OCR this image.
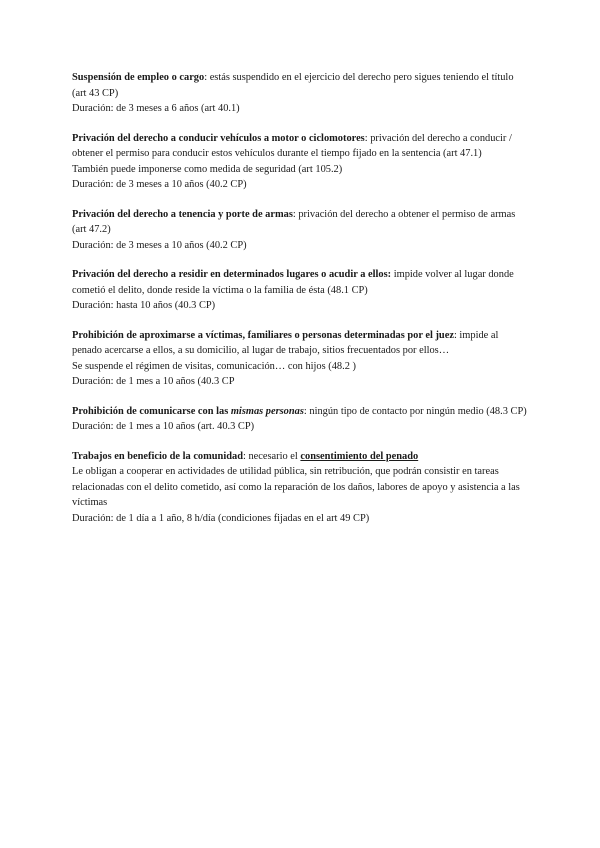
Suspensión de empleo o cargo: estás suspendido en el ejercicio del derecho pero sigues teniendo el título (art 43 CP)

Duración: de 3 meses a 6 años (art 40.1)

Privación del derecho a conducir vehículos a motor o ciclomotores: privación del derecho a conducir / obtener el permiso para conducir estos vehículos durante el tiempo fijado en la sentencia (art 47.1)

También puede imponerse como medida de seguridad (art 105.2)

Duración: de 3 meses a 10 años (40.2 CP)

Privación del derecho a tenencia y porte de armas: privación del derecho a obtener el permiso de armas (art 47.2)

Duración: de 3 meses a 10 años (40.2 CP)

Privación del derecho a residir en determinados lugares o acudir a ellos: impide volver al lugar donde cometió el delito, donde reside la víctima o la familia de ésta (48.1 CP)

Duración: hasta 10 años (40.3 CP)

Prohibición de aproximarse a víctimas, familiares o personas determinadas por el juez: impide al penado acercarse a ellos, a su domicilio, al lugar de trabajo, sitios frecuentados por ellos…

Se suspende el régimen de visitas, comunicación… con hijos (48.2 )

Duración: de 1 mes a 10 años (40.3 CP

Prohibición de comunicarse con las mismas personas: ningún tipo de contacto por ningún medio (48.3 CP)

Duración: de 1 mes a 10 años (art. 40.3 CP)

Trabajos en beneficio de la comunidad: necesario el consentimiento del penado

Le obligan a cooperar en actividades de utilidad pública, sin retribución, que podrán consistir en tareas relacionadas con el delito cometido, así como la reparación de los daños, labores de apoyo y asistencia a las víctimas

Duración: de 1 día a 1 año, 8 h/día (condiciones fijadas en el art 49 CP)
